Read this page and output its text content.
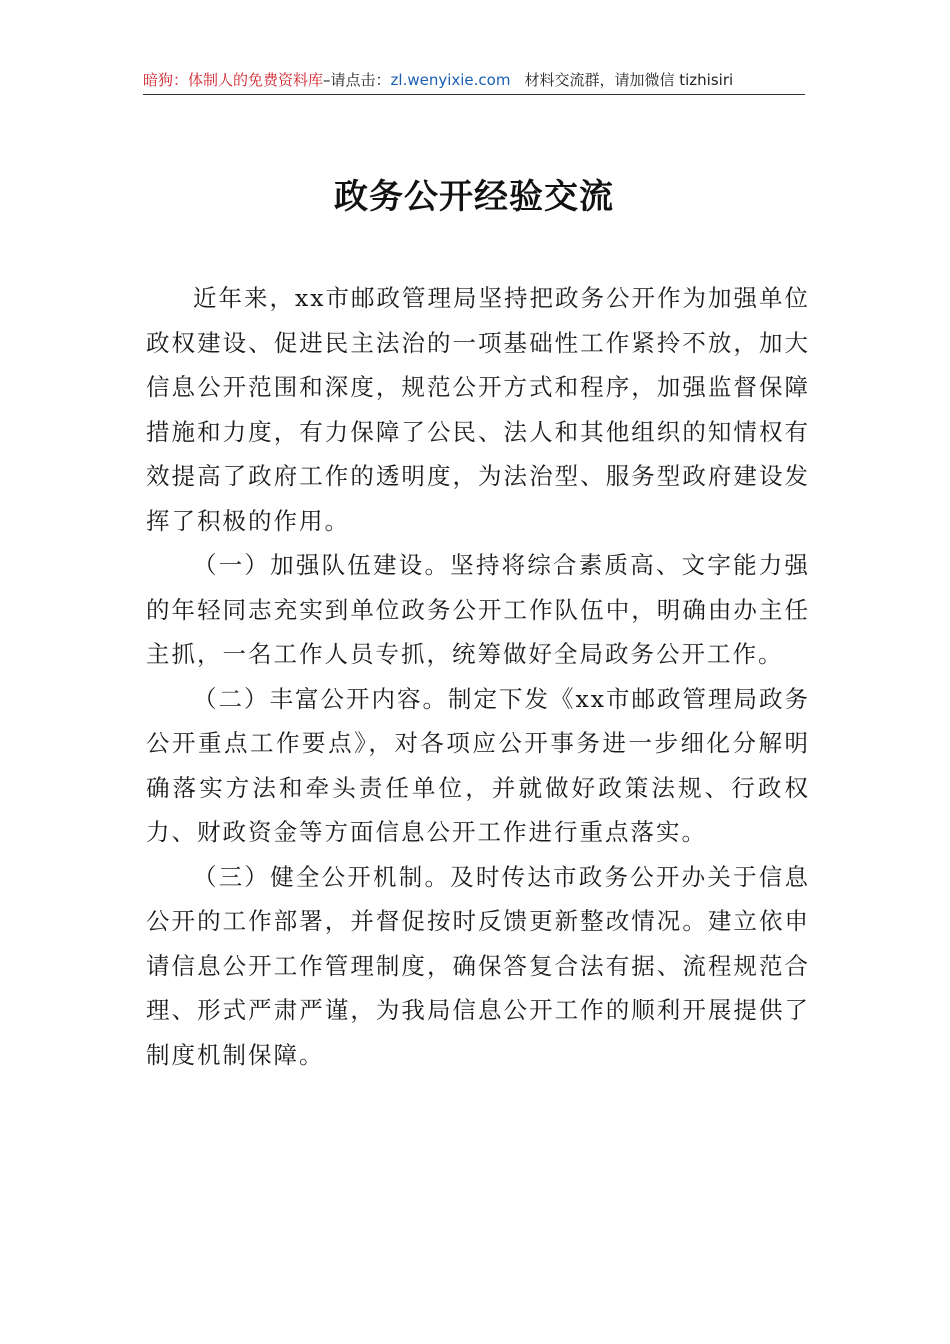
暗狗：体制人的免费资料库–请点击：zl.wenyixie.com 材料交流群，请加微信 tizhisiri
政务公开经验交流

近年来，xx市邮政管理局坚持把政务公开作为加强单位政权建设、促进民主法治的一项基础性工作紧拎不放，加大信息公开范围和深度，规范公开方式和程序，加强监督保障措施和力度，有力保障了公民、法人和其他组织的知情权有效提高了政府工作的透明度，为法治型、服务型政府建设发挥了积极的作用。

（一）加强队伍建设。坚持将综合素质高、文字能力强的年轻同志充实到单位政务公开工作队伍中，明确由办主任主抓，一名工作人员专抓，统筹做好全局政务公开工作。

（二）丰富公开内容。制定下发《xx市邮政管理局政务公开重点工作要点》，对各项应公开事务进一步细化分解明确落实方法和牵头责任单位，并就做好政策法规、行政权力、财政资金等方面信息公开工作进行重点落实。

（三）健全公开机制。及时传达市政务公开办关于信息公开的工作部署，并督促按时反馈更新整改情况。建立依申请信息公开工作管理制度，确保答复合法有据、流程规范合理、形式严肃严谨，为我局信息公开工作的顺利开展提供了制度机制保障。
